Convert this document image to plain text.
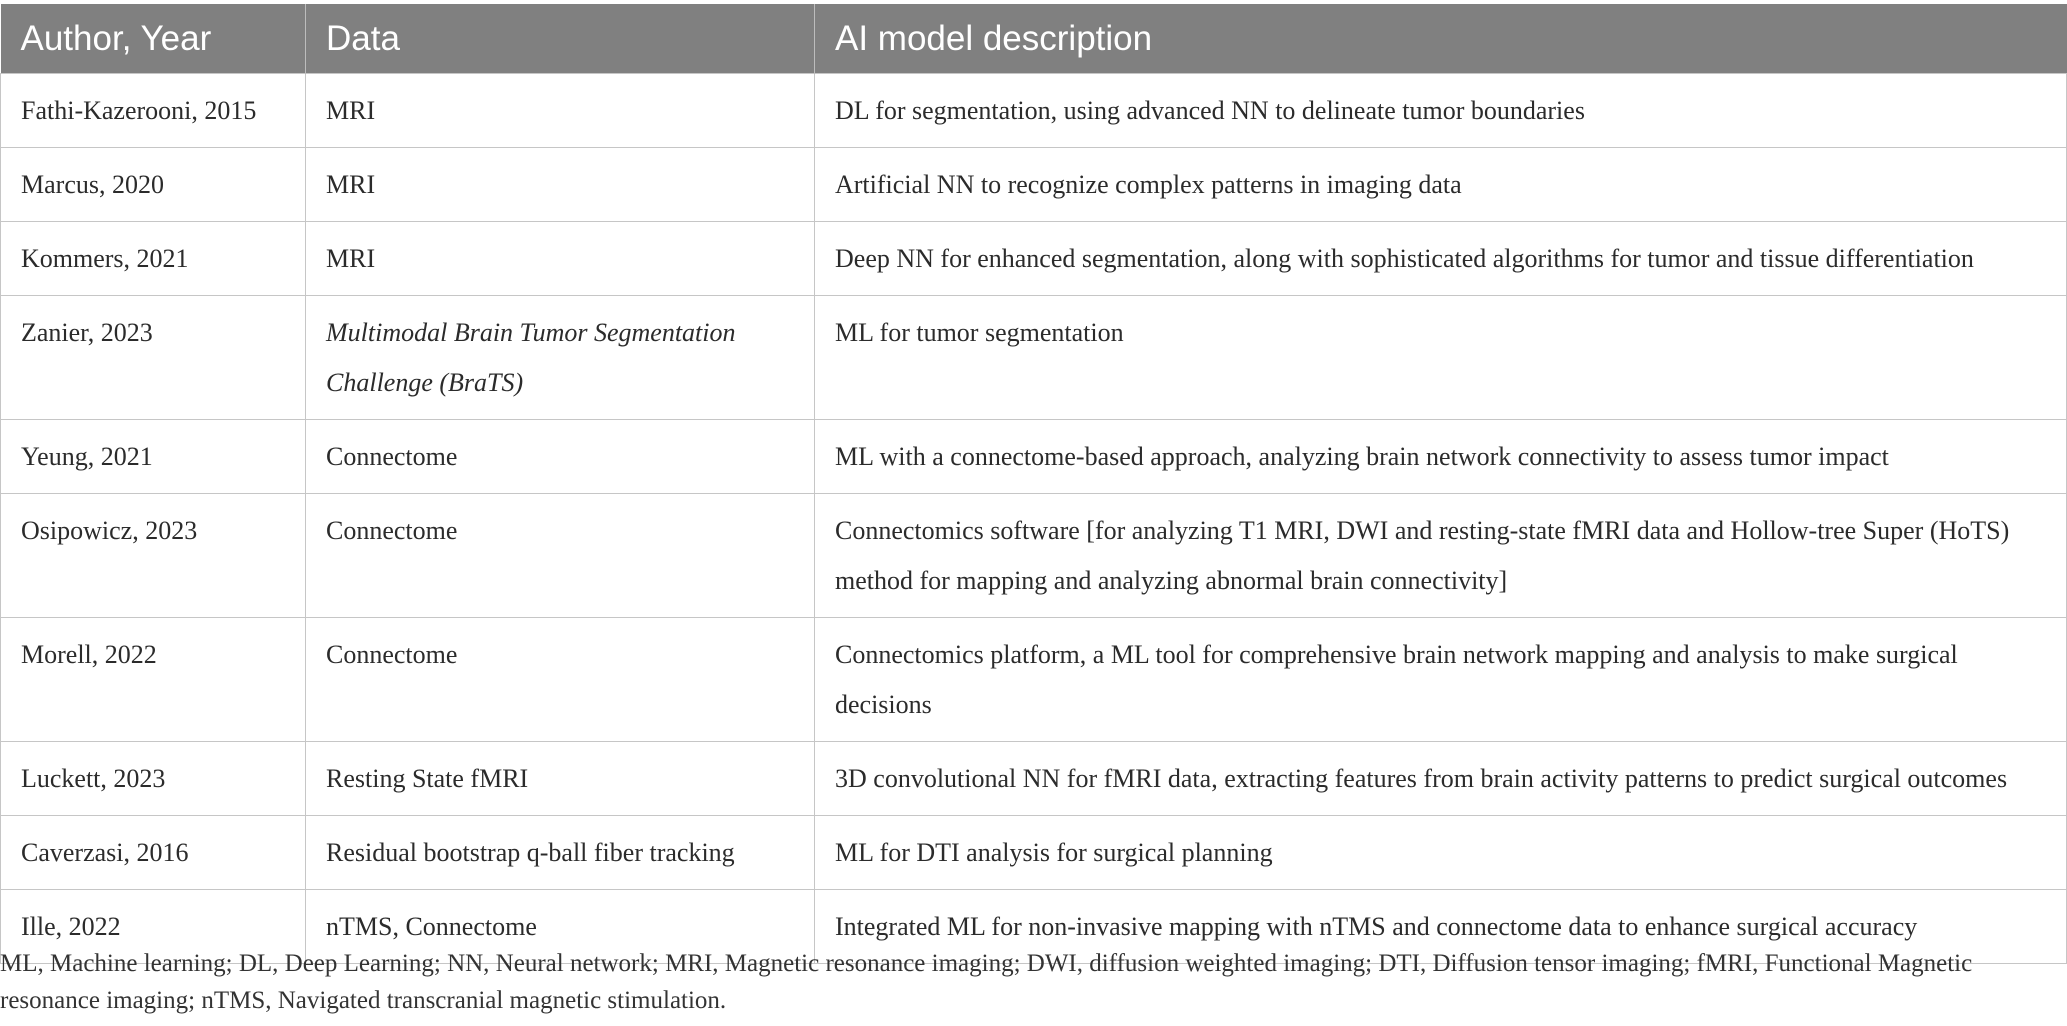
Author, Year	Data	AI model description
Fathi-Kazerooni, 2015	MRI	DL for segmentation, using advanced NN to delineate tumor boundaries
Marcus, 2020	MRI	Artificial NN to recognize complex patterns in imaging data
Kommers, 2021	MRI	Deep NN for enhanced segmentation, along with sophisticated algorithms for tumor and tissue differentiation
Zanier, 2023	Multimodal Brain Tumor Segmentation Challenge (BraTS)	ML for tumor segmentation
Yeung, 2021	Connectome	ML with a connectome-based approach, analyzing brain network connectivity to assess tumor impact
Osipowicz, 2023	Connectome	Connectomics software [for analyzing T1 MRI, DWI and resting-state fMRI data and Hollow-tree Super (HoTS) method for mapping and analyzing abnormal brain connectivity]
Morell, 2022	Connectome	Connectomics platform, a ML tool for comprehensive brain network mapping and analysis to make surgical decisions
Luckett, 2023	Resting State fMRI	3D convolutional NN for fMRI data, extracting features from brain activity patterns to predict surgical outcomes
Caverzasi, 2016	Residual bootstrap q-ball fiber tracking	ML for DTI analysis for surgical planning
Ille, 2022	nTMS, Connectome	Integrated ML for non-invasive mapping with nTMS and connectome data to enhance surgical accuracy
ML, Machine learning; DL, Deep Learning; NN, Neural network; MRI, Magnetic resonance imaging; DWI, diffusion weighted imaging; DTI, Diffusion tensor imaging; fMRI, Functional Magnetic resonance imaging; nTMS, Navigated transcranial magnetic stimulation.
